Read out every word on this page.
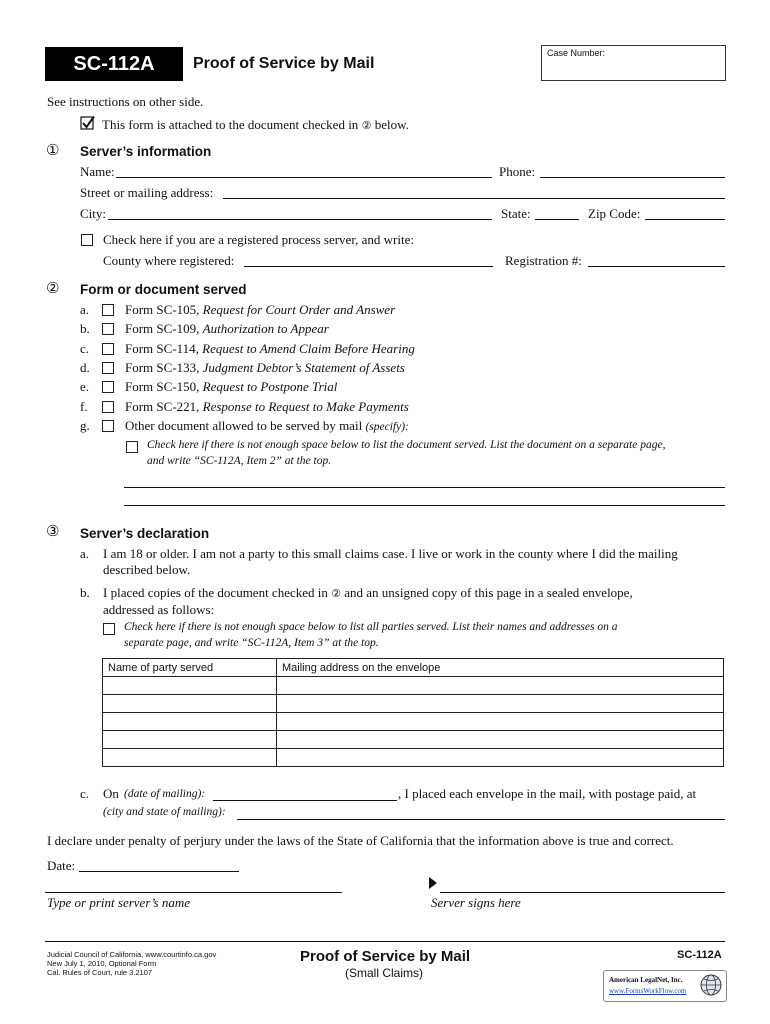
SC-112A Proof of Service by Mail
Case Number:
See instructions on other side.
This form is attached to the document checked in ② below.
① Server’s information
Name:	Phone:
Street or mailing address:
City:	State:	Zip Code:
Check here if you are a registered process server, and write:
County where registered:	Registration #:
② Form or document served
a.	Form SC-105, Request for Court Order and Answer
b.	Form SC-109, Authorization to Appear
c.	Form SC-114, Request to Amend Claim Before Hearing
d.	Form SC-133, Judgment Debtor’s Statement of Assets
e.	Form SC-150, Request to Postpone Trial
f.	Form SC-221, Response to Request to Make Payments
g.	Other document allowed to be served by mail (specify):
Check here if there is not enough space below to list the document served. List the document on a separate page,
and write “SC-112A, Item 2” at the top.
③ Server’s declaration
a. I am 18 or older. I am not a party to this small claims case. I live or work in the county where I did the mailing
described below.
b. I placed copies of the document checked in ② and an unsigned copy of this page in a sealed envelope,
addressed as follows:
Check here if there is not enough space below to list all parties served. List their names and addresses on a
separate page, and write “SC-112A, Item 3” at the top.
Name of party served	Mailing address on the envelope

c. On (date of mailing):	, I placed each envelope in the mail, with postage paid, at
(city and state of mailing):
I declare under penalty of perjury under the laws of the State of California that the information above is true and correct.
Date:
Type or print server’s name	Server signs here
Judicial Council of California, www.courtinfo.ca.gov
New July 1, 2010, Optional Form
Cal. Rules of Court, rule 3.2107
Proof of Service by Mail
(Small Claims)
SC-112A
American LegalNet, Inc.
www.FormsWorkFlow.com
